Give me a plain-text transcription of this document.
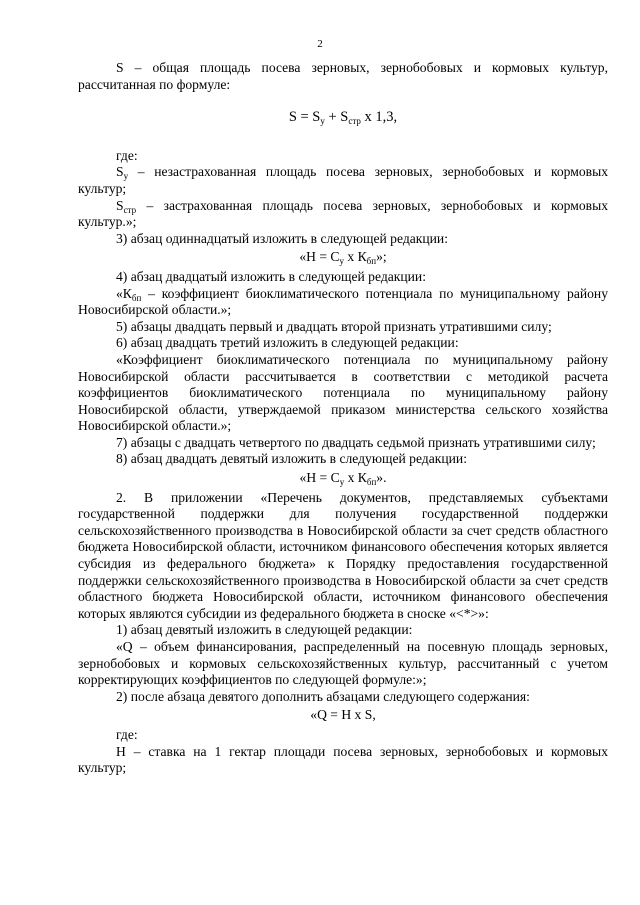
2

S – общая площадь посева зерновых, зернобобовых и кормовых культур, рассчитанная по формуле:

$S = S_у + S_{стр}$ x 1,3,

где:

$S_у$ – незастрахованная площадь посева зерновых, зернобобовых и кормовых культур;

$S_{стр}$ – застрахованная площадь посева зерновых, зернобобовых и кормовых культур.»;

3) абзац одиннадцатый изложить в следующей редакции:

«$Н = С_у$ x $К_{бп}$»;

4) абзац двадцатый изложить в следующей редакции:

«$К_{бп}$ – коэффициент биоклиматического потенциала по муниципальному району Новосибирской области.»;

5) абзацы двадцать первый и двадцать второй признать утратившими силу;

6) абзац двадцать третий изложить в следующей редакции:

«Коэффициент биоклиматического потенциала по муниципальному району Новосибирской области рассчитывается в соответствии с методикой расчета коэффициентов биоклиматического потенциала по муниципальному району Новосибирской области, утверждаемой приказом министерства сельского хозяйства Новосибирской области.»;

7) абзацы с двадцать четвертого по двадцать седьмой признать утратившими силу;

8) абзац двадцать девятый изложить в следующей редакции:

«$Н = С_у$ x $К_{бп}$».

2. В приложении «Перечень документов, представляемых субъектами государственной поддержки для получения государственной поддержки сельскохозяйственного производства в Новосибирской области за счет средств областного бюджета Новосибирской области, источником финансового обеспечения которых является субсидия из федерального бюджета» к Порядку предоставления государственной поддержки сельскохозяйственного производства в Новосибирской области за счет средств областного бюджета Новосибирской области, источником финансового обеспечения которых являются субсидии из федерального бюджета в сноске «<*>»:

1) абзац девятый изложить в следующей редакции:

«Q – объем финансирования, распределенный на посевную площадь зерновых, зернобобовых и кормовых сельскохозяйственных культур, рассчитанный с учетом корректирующих коэффициентов по следующей формуле:»;

2) после абзаца девятого дополнить абзацами следующего содержания:

«Q = Н x S,

где:

Н – ставка на 1 гектар площади посева зерновых, зернобобовых и кормовых культур;
